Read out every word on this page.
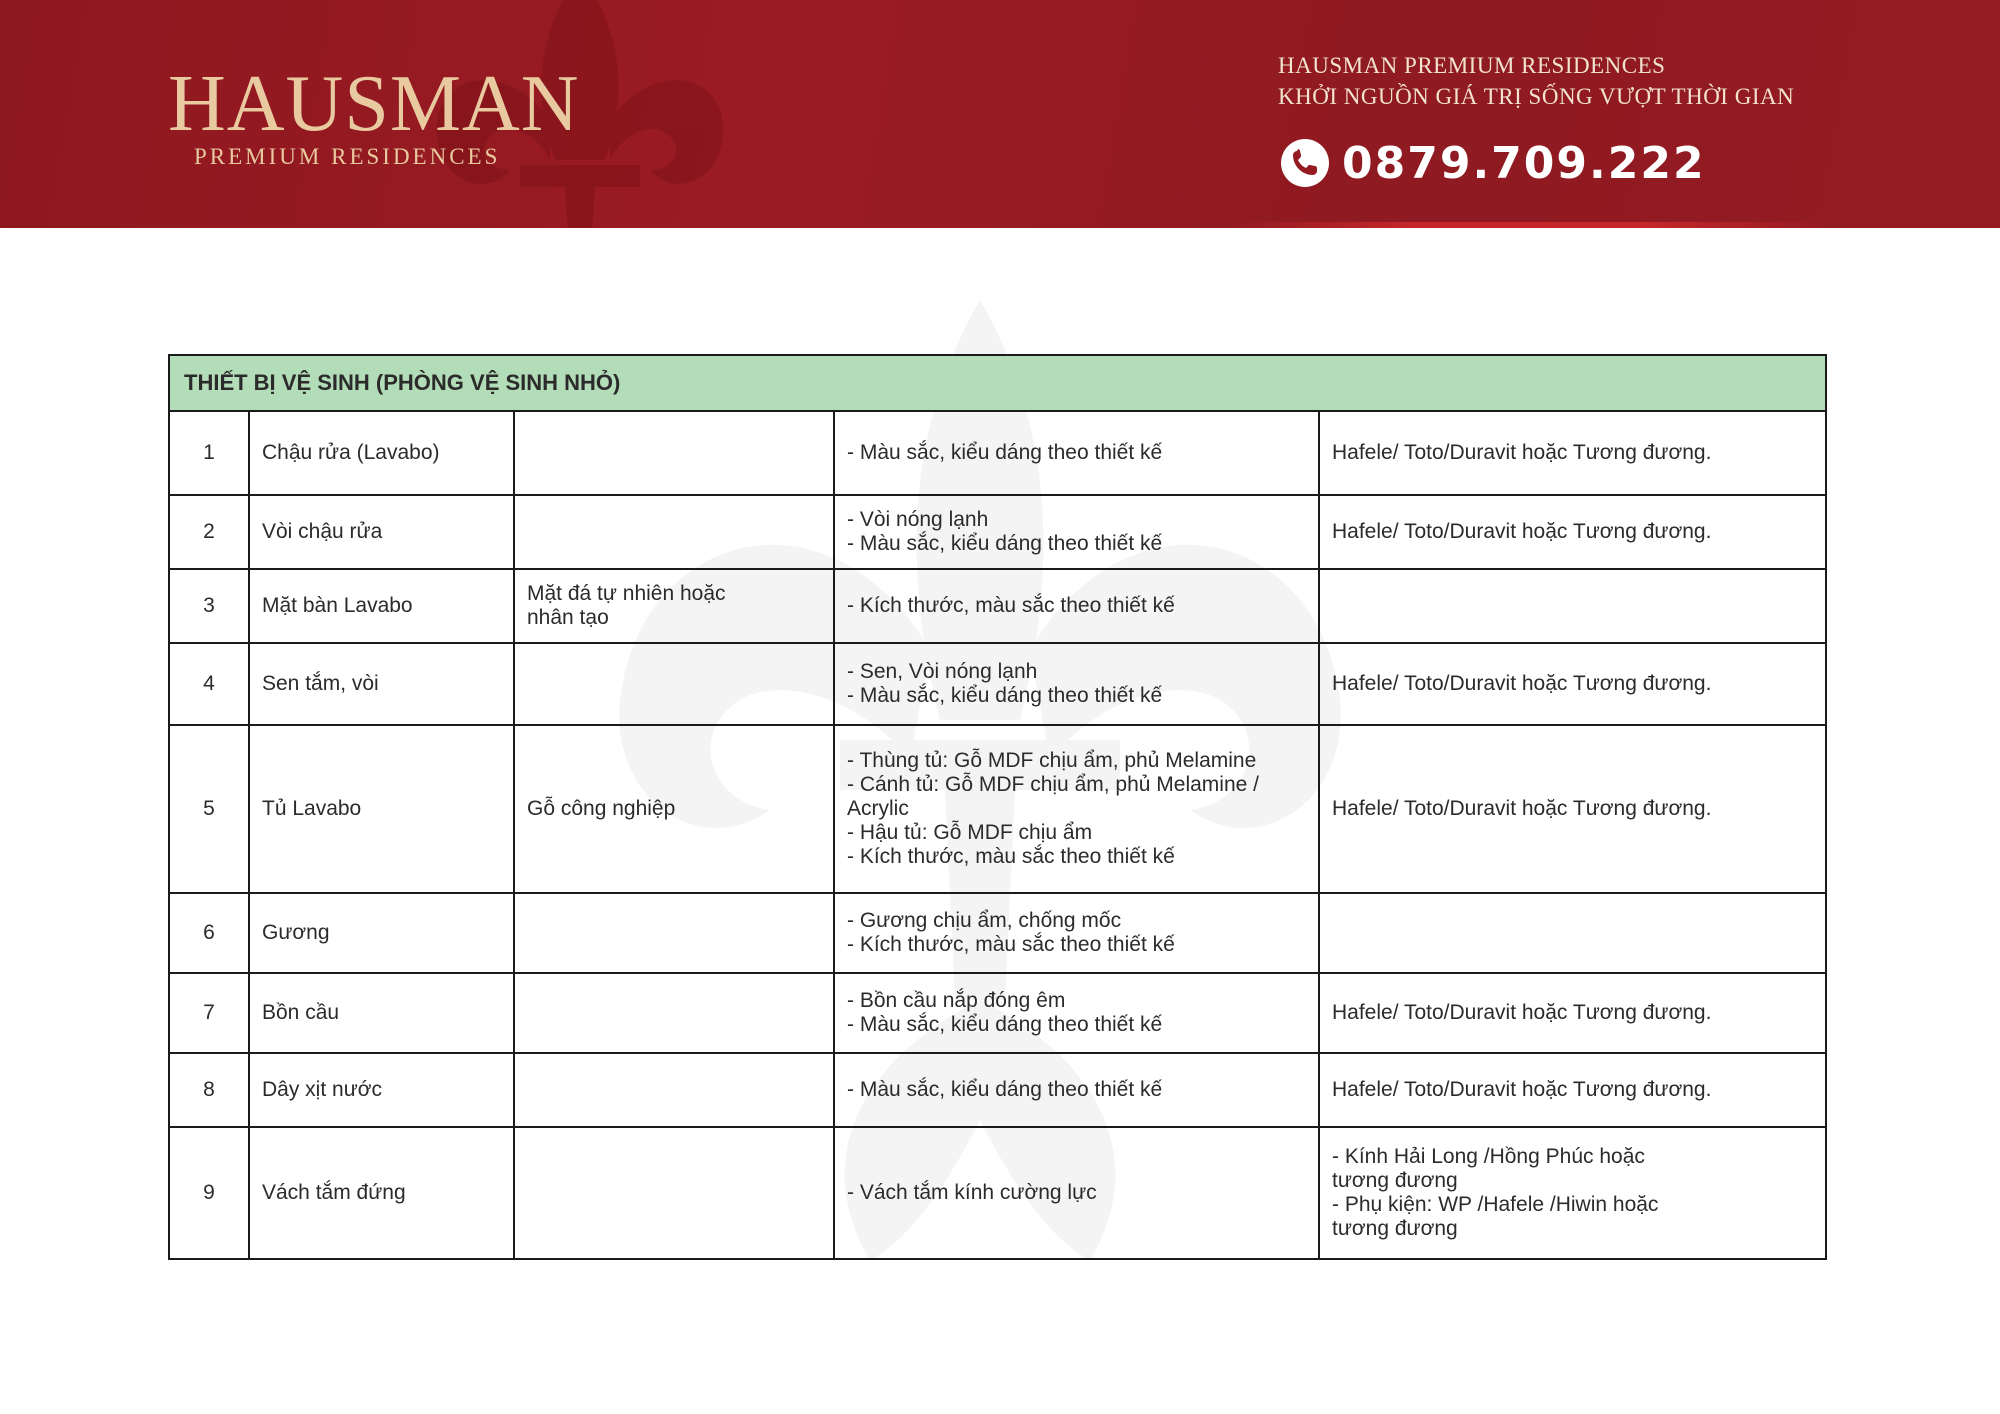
HAUSMAN
PREMIUM RESIDENCES
HAUSMAN PREMIUM RESIDENCES
KHỞI NGUỒN GIÁ TRỊ SỐNG VƯỢT THỜI GIAN
0879.709.222
THIẾT BỊ VỆ SINH (PHÒNG VỆ SINH NHỎ)				
1	Chậu rửa (Lavabo)		- Màu sắc, kiểu dáng theo thiết kế	Hafele/ Toto/Duravit hoặc Tương đương.

2	Vòi chậu rửa		- Vòi nóng lạnh
- Màu sắc, kiểu dáng theo thiết kế	Hafele/ Toto/Duravit hoặc Tương đương.

3	Mặt bàn Lavabo	Mặt đá tự nhiên hoặc
nhân tạo	- Kích thước, màu sắc theo thiết kế	

4	Sen tắm, vòi		- Sen, Vòi nóng lạnh
- Màu sắc, kiểu dáng theo thiết kế	Hafele/ Toto/Duravit hoặc Tương đương.

5	Tủ Lavabo	Gỗ công nghiệp	- Thùng tủ: Gỗ MDF chịu ẩm, phủ Melamine
- Cánh tủ: Gỗ MDF chịu ẩm, phủ Melamine /
Acrylic
- Hậu tủ: Gỗ MDF chịu ẩm
- Kích thước, màu sắc theo thiết kế	Hafele/ Toto/Duravit hoặc Tương đương.

6	Gương		- Gương chịu ẩm, chống mốc
- Kích thước, màu sắc theo thiết kế	

7	Bồn cầu		- Bồn cầu nắp đóng êm
- Màu sắc, kiểu dáng theo thiết kế	Hafele/ Toto/Duravit hoặc Tương đương.

8	Dây xịt nước		- Màu sắc, kiểu dáng theo thiết kế	Hafele/ Toto/Duravit hoặc Tương đương.

9	Vách tắm đứng		- Vách tắm kính cường lực	- Kính Hải Long /Hồng Phúc hoặc
tương đương
- Phụ kiện: WP /Hafele /Hiwin hoặc
tương đương
